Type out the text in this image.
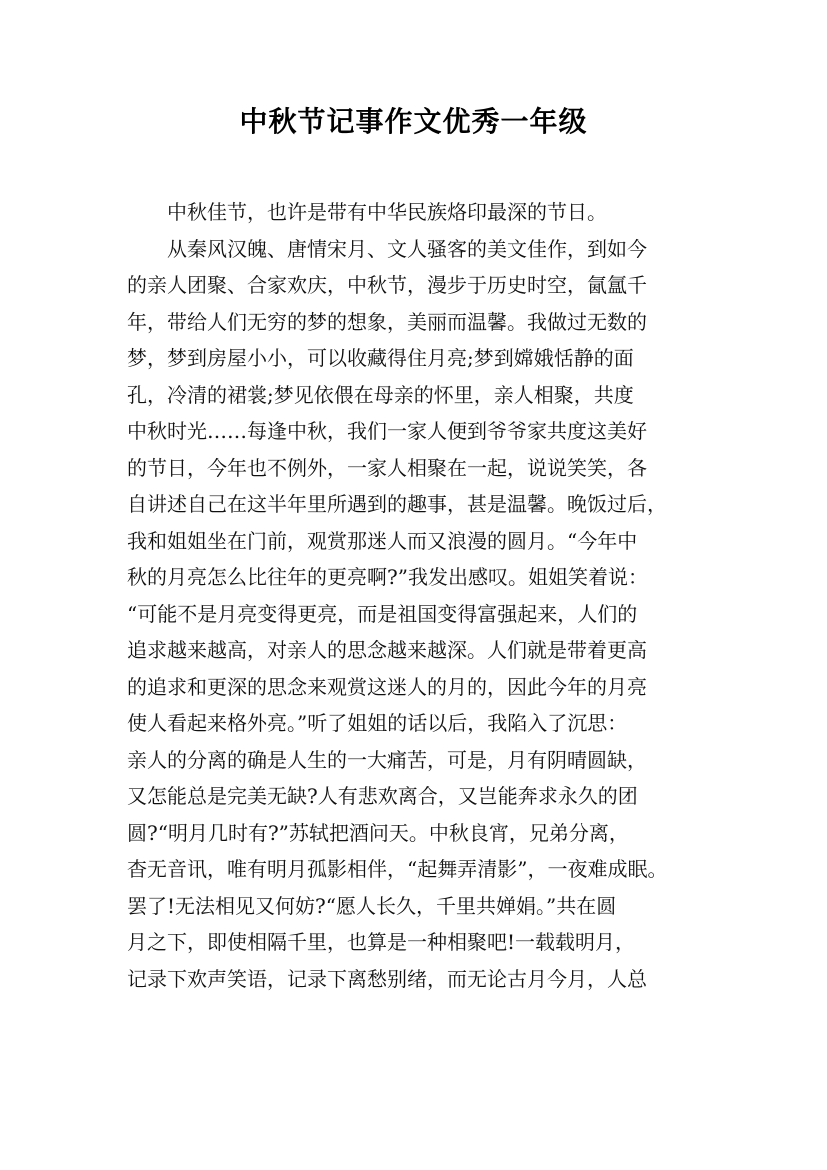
中秋节记事作文优秀一年级
中秋佳节，也许是带有中华民族烙印最深的节日。
从秦风汉魄、唐情宋月、文人骚客的美文佳作，到如今
的亲人团聚、合家欢庆，中秋节，漫步于历史时空，氤氲千
年，带给人们无穷的梦的想象，美丽而温馨。我做过无数的
梦，梦到房屋小小，可以收藏得住月亮;梦到嫦娥恬静的面
孔，冷清的裙裳;梦见依偎在母亲的怀里，亲人相聚，共度
中秋时光……每逢中秋，我们一家人便到爷爷家共度这美好
的节日，今年也不例外，一家人相聚在一起，说说笑笑，各
自讲述自己在这半年里所遇到的趣事，甚是温馨。晚饭过后，
我和姐姐坐在门前，观赏那迷人而又浪漫的圆月。“今年中
秋的月亮怎么比往年的更亮啊?”我发出感叹。姐姐笑着说：
“可能不是月亮变得更亮，而是祖国变得富强起来，人们的
追求越来越高，对亲人的思念越来越深。人们就是带着更高
的追求和更深的思念来观赏这迷人的月的，因此今年的月亮
使人看起来格外亮。”听了姐姐的话以后，我陷入了沉思：
亲人的分离的确是人生的一大痛苦，可是，月有阴晴圆缺，
又怎能总是完美无缺?人有悲欢离合，又岂能奔求永久的团
圆?“明月几时有?”苏轼把酒问天。中秋良宵，兄弟分离，
杳无音讯，唯有明月孤影相伴，“起舞弄清影”，一夜难成眠。
罢了!无法相见又何妨?“愿人长久，千里共婵娟。”共在圆
月之下，即使相隔千里，也算是一种相聚吧!一载载明月，
记录下欢声笑语，记录下离愁别绪，而无论古月今月，人总
